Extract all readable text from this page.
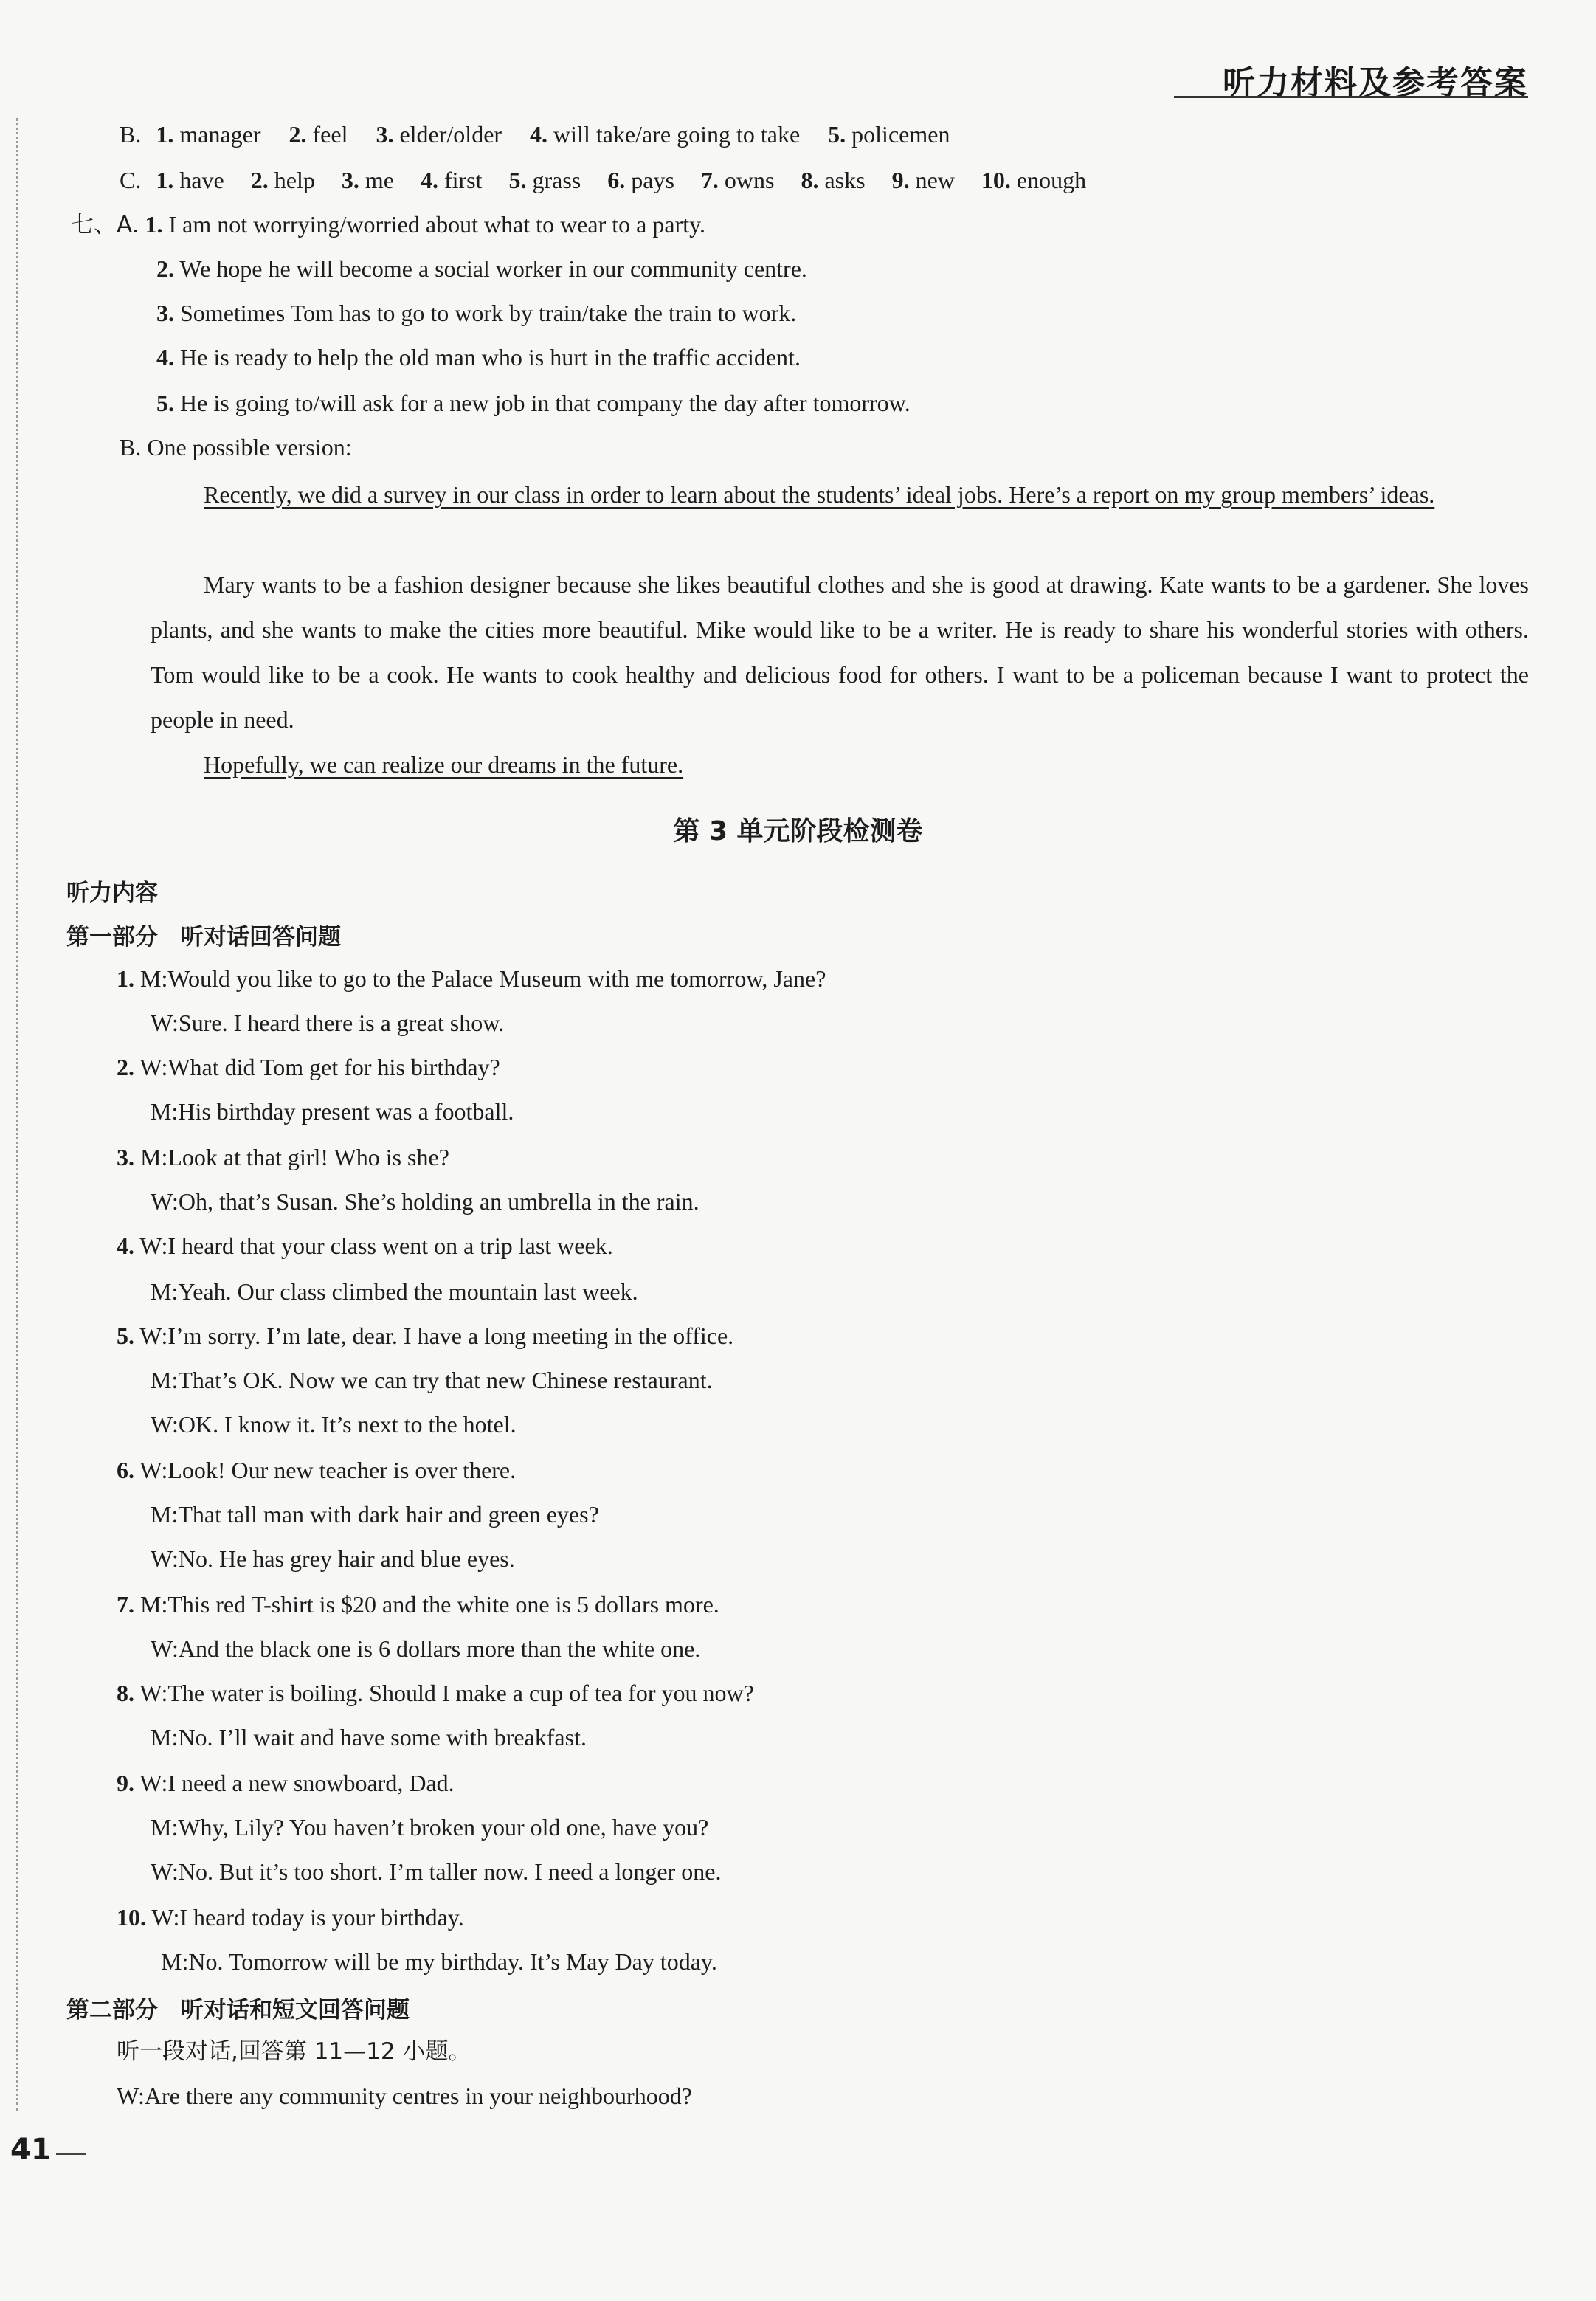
听力材料及参考答案
B. 1. manager 2. feel 3. elder/older 4. will take/are going to take 5. policemen
C. 1. have 2. help 3. me 4. first 5. grass 6. pays 7. owns 8. asks 9. new 10. enough
七、A. 1. I am not worrying/worried about what to wear to a party.
2. We hope he will become a social worker in our community centre.
3. Sometimes Tom has to go to work by train/take the train to work.
4. He is ready to help the old man who is hurt in the traffic accident.
5. He is going to/will ask for a new job in that company the day after tomorrow.
B. One possible version:
Recently, we did a survey in our class in order to learn about the students’ ideal jobs. Here’s a report on my group members’ ideas.
Mary wants to be a fashion designer because she likes beautiful clothes and she is good at drawing. Kate wants to be a gardener. She loves plants, and she wants to make the cities more beautiful. Mike would like to be a writer. He is ready to share his wonderful stories with others. Tom would like to be a cook. He wants to cook healthy and delicious food for others. I want to be a policeman because I want to protect the people in need.
Hopefully, we can realize our dreams in the future.
第 3 单元阶段检测卷
听力内容
第一部分　听对话回答问题
1. M:Would you like to go to the Palace Museum with me tomorrow, Jane?
W:Sure. I heard there is a great show.
2. W:What did Tom get for his birthday?
M:His birthday present was a football.
3. M:Look at that girl! Who is she?
W:Oh, that’s Susan. She’s holding an umbrella in the rain.
4. W:I heard that your class went on a trip last week.
M:Yeah. Our class climbed the mountain last week.
5. W:I’m sorry. I’m late, dear. I have a long meeting in the office.
M:That’s OK. Now we can try that new Chinese restaurant.
W:OK. I know it. It’s next to the hotel.
6. W:Look! Our new teacher is over there.
M:That tall man with dark hair and green eyes?
W:No. He has grey hair and blue eyes.
7. M:This red T-shirt is $20 and the white one is 5 dollars more.
W:And the black one is 6 dollars more than the white one.
8. W:The water is boiling. Should I make a cup of tea for you now?
M:No. I’ll wait and have some with breakfast.
9. W:I need a new snowboard, Dad.
M:Why, Lily? You haven’t broken your old one, have you?
W:No. But it’s too short. I’m taller now. I need a longer one.
10. W:I heard today is your birthday.
M:No. Tomorrow will be my birthday. It’s May Day today.
第二部分　听对话和短文回答问题
听一段对话,回答第 11—12 小题。
W:Are there any community centres in your neighbourhood?
41
